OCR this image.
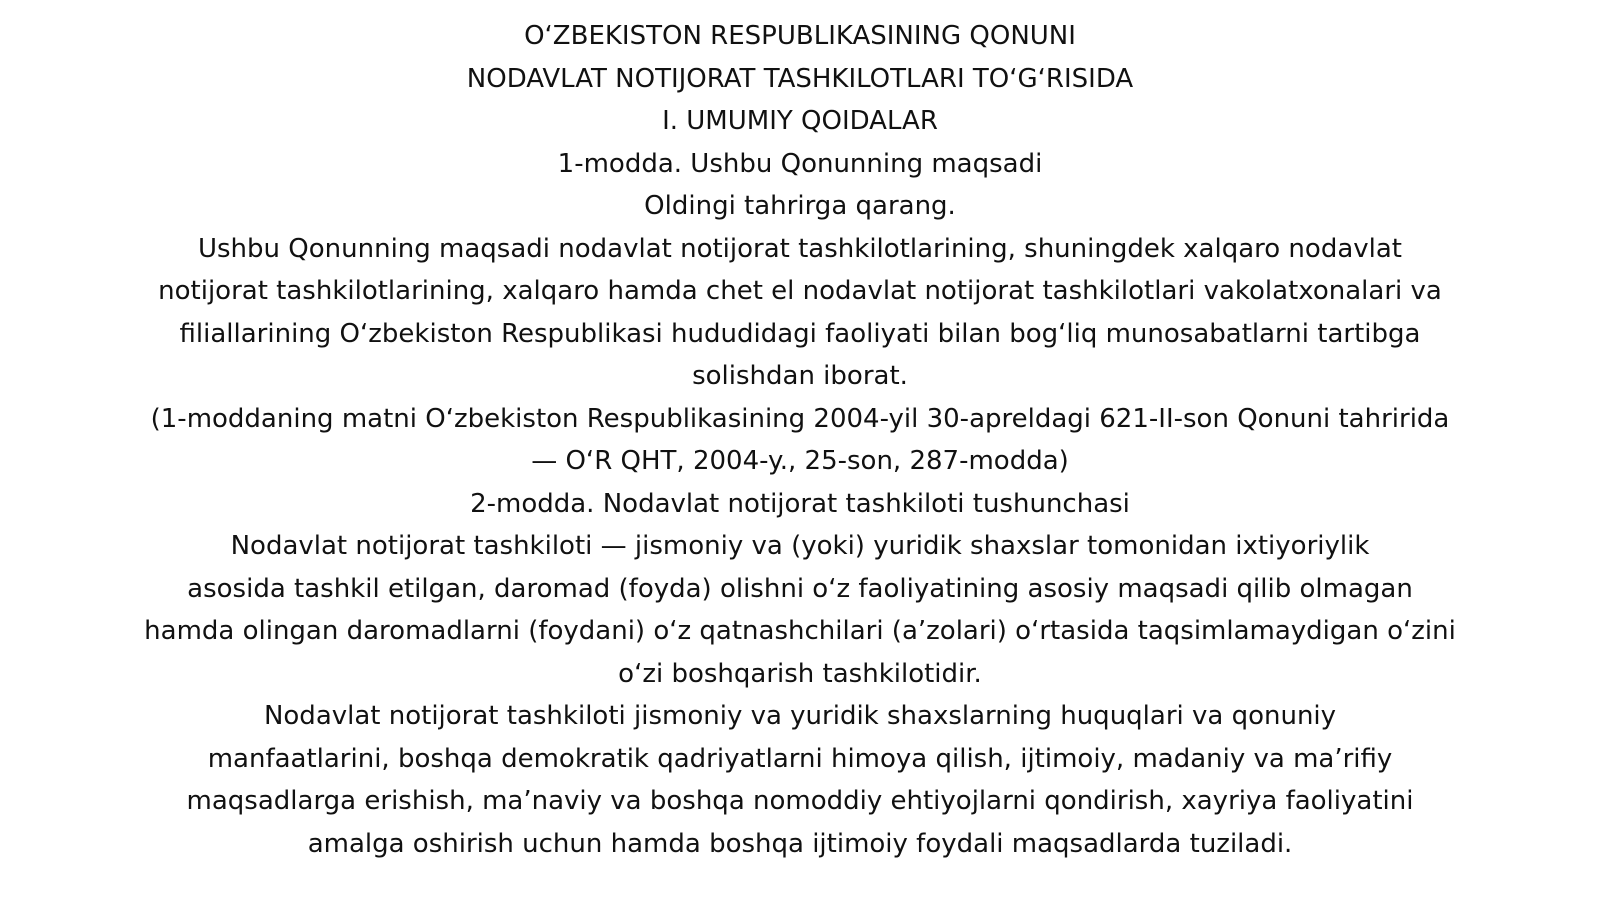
O‘ZBEKISTON RESPUBLIKASINING QONUNI
NODAVLAT NOTIJORAT TASHKILOTLARI TO‘G‘RISIDA
I. UMUMIY QOIDALAR
1-modda. Ushbu Qonunning maqsadi
Oldingi tahrirga qarang.
Ushbu Qonunning maqsadi nodavlat notijorat tashkilotlarining, shuningdek xalqaro nodavlat
notijorat tashkilotlarining, xalqaro hamda chet el nodavlat notijorat tashkilotlari vakolatxonalari va
filiallarining O‘zbekiston Respublikasi hududidagi faoliyati bilan bog‘liq munosabatlarni tartibga
solishdan iborat.
(1-moddaning matni O‘zbekiston Respublikasining 2004-yil 30-apreldagi 621-II-son Qonuni tahririda
— O‘R QHT, 2004-y., 25-son, 287-modda)
2-modda. Nodavlat notijorat tashkiloti tushunchasi
Nodavlat notijorat tashkiloti — jismoniy va (yoki) yuridik shaxslar tomonidan ixtiyoriylik
asosida tashkil etilgan, daromad (foyda) olishni o‘z faoliyatining asosiy maqsadi qilib olmagan
hamda olingan daromadlarni (foydani) o‘z qatnashchilari (a’zolari) o‘rtasida taqsimlamaydigan o‘zini
o‘zi boshqarish tashkilotidir.
Nodavlat notijorat tashkiloti jismoniy va yuridik shaxslarning huquqlari va qonuniy
manfaatlarini, boshqa demokratik qadriyatlarni himoya qilish, ijtimoiy, madaniy va ma’rifiy
maqsadlarga erishish, ma’naviy va boshqa nomoddiy ehtiyojlarni qondirish, xayriya faoliyatini
amalga oshirish uchun hamda boshqa ijtimoiy foydali maqsadlarda tuziladi.
